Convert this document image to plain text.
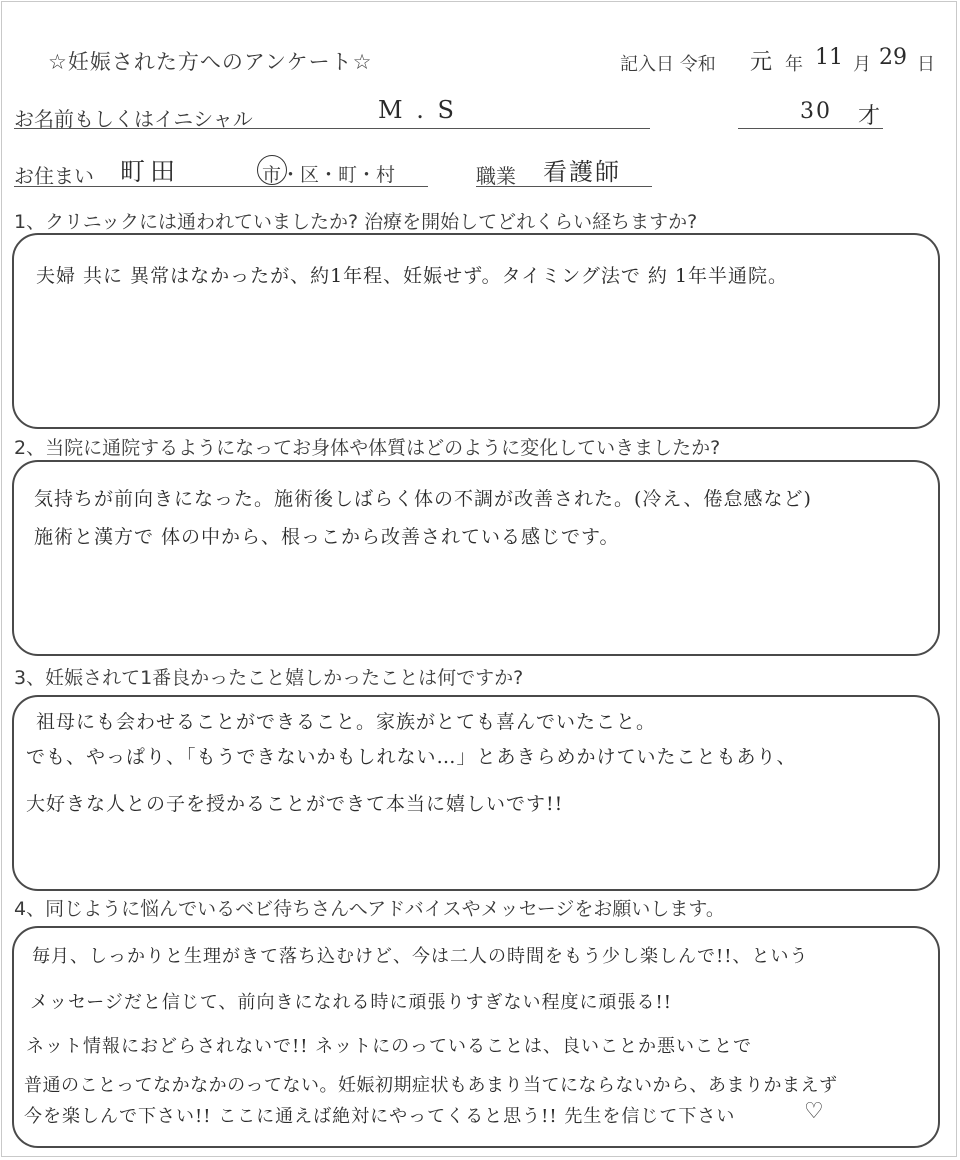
☆妊娠された方へのアンケート☆	記入日 令和 元 年 11 月 29 日
お名前もしくはイニシャル	M . S	30 才
お住まい 町田	市・区・町・村	職業 看護師
1、クリニックには通われていましたか? 治療を開始してどれくらい経ちますか?
夫婦 共に 異常はなかったが、約1年程、妊娠せず。タイミング法で 約 1年半通院。
2、当院に通院するようになってお身体や体質はどのように変化していきましたか?
気持ちが前向きになった。施術後しばらく体の不調が改善された。(冷え、倦怠感など)
施術と漢方で 体の中から、根っこから改善されている感じです。
3、妊娠されて1番良かったこと嬉しかったことは何ですか?
祖母にも会わせることができること。家族がとても喜んでいたこと。
でも、やっぱり、「もうできないかもしれない…」とあきらめかけていたこともあり、
大好きな人との子を授かることができて本当に嬉しいです!!
4、同じように悩んでいるベビ待ちさんへアドバイスやメッセージをお願いします。
毎月、しっかりと生理がきて落ち込むけど、今は二人の時間をもう少し楽しんで!!、という
メッセージだと信じて、前向きになれる時に頑張りすぎない程度に頑張る!!
ネット情報におどらされないで!! ネットにのっていることは、良いことか悪いことで
普通のことってなかなかのってない。妊娠初期症状もあまり当てにならないから、あまりかまえず
今を楽しんで下さい!! ここに通えば絶対にやってくると思う!! 先生を信じて下さい	♡
